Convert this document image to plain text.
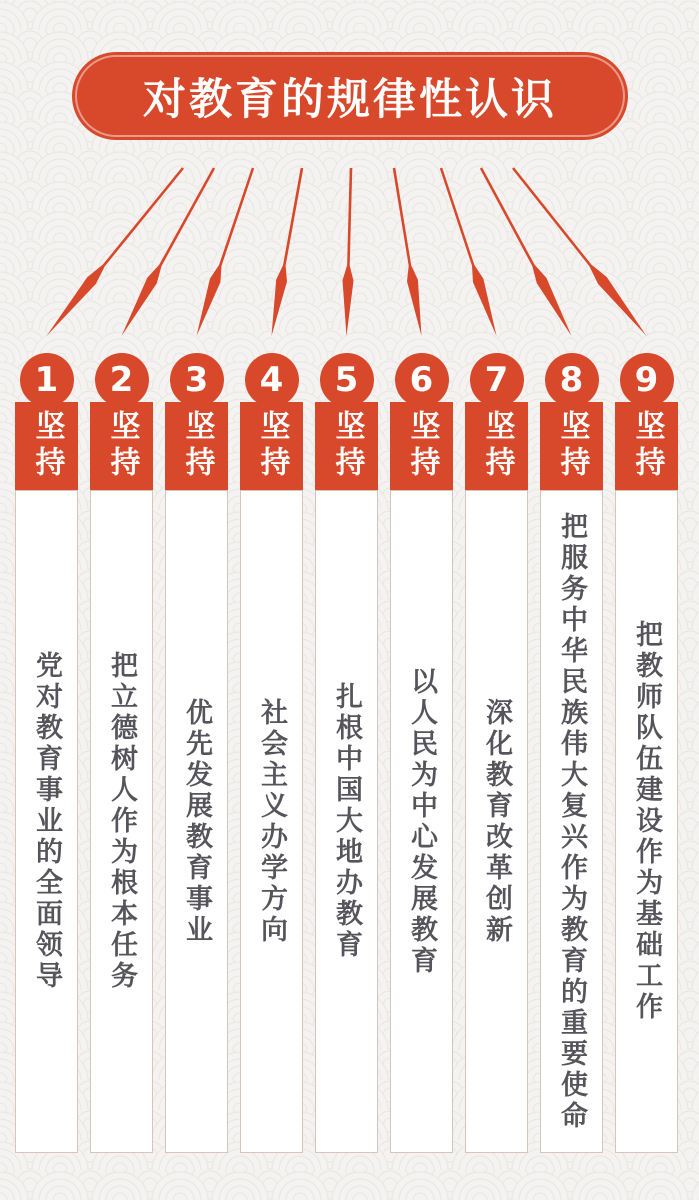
对教育的规律性认识
1
坚持
党对教育事业的全面领导
2
坚持
把立德树人作为根本任务
3
坚持
优先发展教育事业
4
坚持
社会主义办学方向
5
坚持
扎根中国大地办教育
6
坚持
以人民为中心发展教育
7
坚持
深化教育改革创新
8
坚持
把服务中华民族伟大复兴作为教育的重要使命
9
坚持
把教师队伍建设作为基础工作
